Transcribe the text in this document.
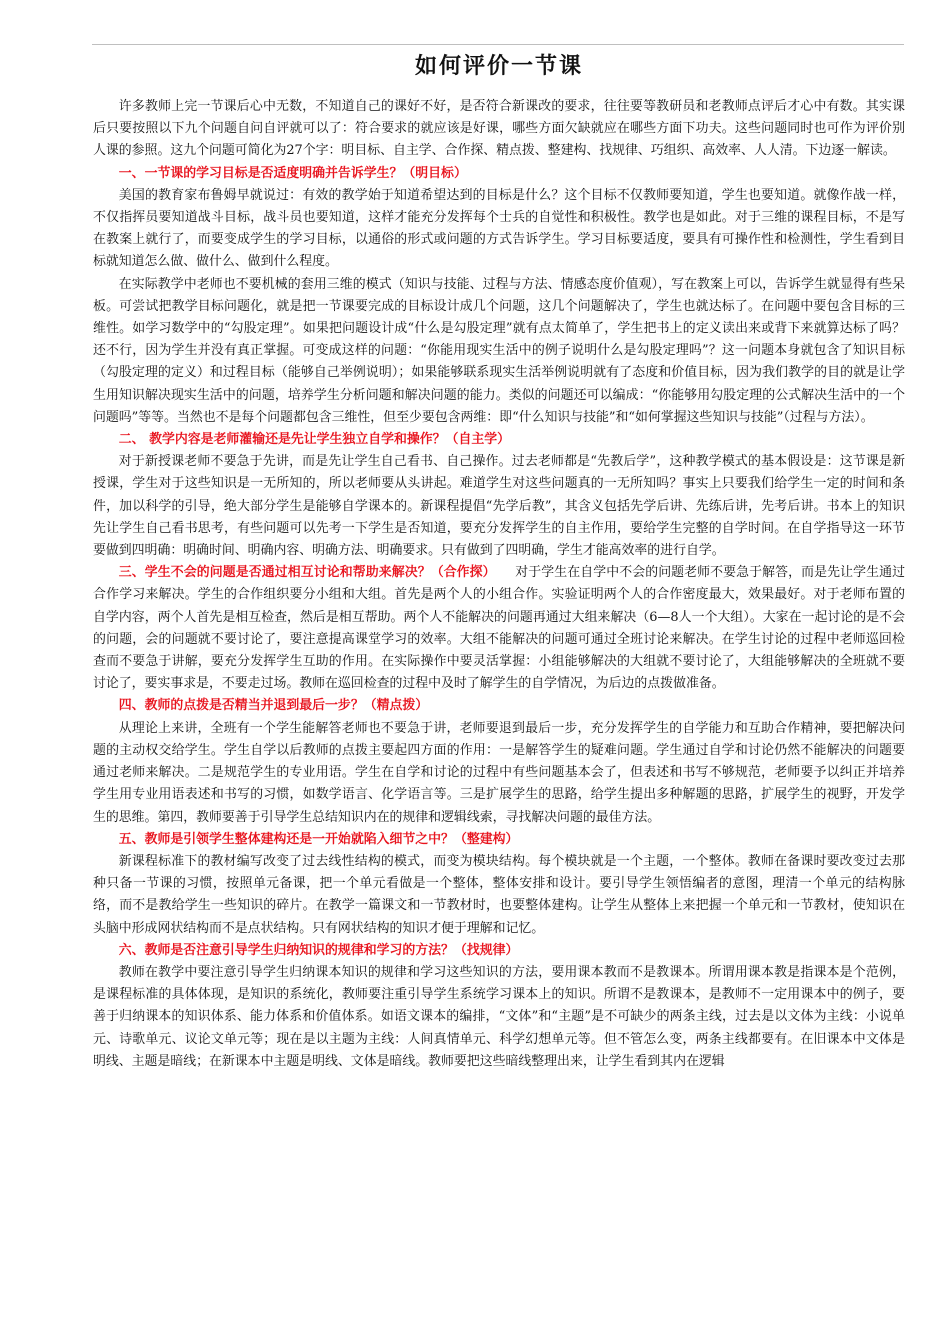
如何评价一节课

许多教师上完一节课后心中无数，不知道自己的课好不好，是否符合新课改的要求，往往要等教研员和老教师点评后才心中有数。其实课后只要按照以下九个问题自问自评就可以了：符合要求的就应该是好课，哪些方面欠缺就应在哪些方面下功夫。这些问题同时也可作为评价别人课的参照。这九个问题可简化为27个字：明目标、自主学、合作探、精点拨、整建构、找规律、巧组织、高效率、人人清。下边逐一解读。

一、一节课的学习目标是否适度明确并告诉学生？（明目标）

美国的教育家布鲁姆早就说过：有效的教学始于知道希望达到的目标是什么？这个目标不仅教师要知道，学生也要知道。就像作战一样，不仅指挥员要知道战斗目标，战斗员也要知道，这样才能充分发挥每个士兵的自觉性和积极性。教学也是如此。对于三维的课程目标，不是写在教案上就行了，而要变成学生的学习目标，以通俗的形式或问题的方式告诉学生。学习目标要适度，要具有可操作性和检测性，学生看到目标就知道怎么做、做什么、做到什么程度。

在实际教学中老师也不要机械的套用三维的模式（知识与技能、过程与方法、情感态度价值观），写在教案上可以，告诉学生就显得有些呆板。可尝试把教学目标问题化，就是把一节课要完成的目标设计成几个问题，这几个问题解决了，学生也就达标了。在问题中要包含目标的三维性。如学习数学中的“勾股定理”。如果把问题设计成“什么是勾股定理”就有点太简单了，学生把书上的定义读出来或背下来就算达标了吗？还不行，因为学生并没有真正掌握。可变成这样的问题：“你能用现实生活中的例子说明什么是勾股定理吗”？这一问题本身就包含了知识目标（勾股定理的定义）和过程目标（能够自己举例说明）；如果能够联系现实生活举例说明就有了态度和价值目标，因为我们教学的目的就是让学生用知识解决现实生活中的问题，培养学生分析问题和解决问题的能力。类似的问题还可以编成：“你能够用勾股定理的公式解决生活中的一个问题吗”等等。当然也不是每个问题都包含三维性，但至少要包含两维：即“什么知识与技能”和“如何掌握这些知识与技能”（过程与方法）。

二、 教学内容是老师灌输还是先让学生独立自学和操作？（自主学）

对于新授课老师不要急于先讲，而是先让学生自己看书、自己操作。过去老师都是“先教后学”，这种教学模式的基本假设是：这节课是新授课，学生对于这些知识是一无所知的，所以老师要从头讲起。难道学生对这些问题真的一无所知吗？事实上只要我们给学生一定的时间和条件，加以科学的引导，绝大部分学生是能够自学课本的。新课程提倡“先学后教”，其含义包括先学后讲、先练后讲，先考后讲。书本上的知识先让学生自己看书思考，有些问题可以先考一下学生是否知道，要充分发挥学生的自主作用，要给学生完整的自学时间。在自学指导这一环节要做到四明确：明确时间、明确内容、明确方法、明确要求。只有做到了四明确，学生才能高效率的进行自学。

三、学生不会的问题是否通过相互讨论和帮助来解决？（合作探）　　 对于学生在自学中不会的问题老师不要急于解答，而是先让学生通过合作学习来解决。学生的合作组织要分小组和大组。首先是两个人的小组合作。实验证明两个人的合作密度最大，效果最好。对于老师布置的自学内容，两个人首先是相互检查，然后是相互帮助。两个人不能解决的问题再通过大组来解决（6—8人一个大组）。大家在一起讨论的是不会的问题，会的问题就不要讨论了，要注意提高课堂学习的效率。大组不能解决的问题可通过全班讨论来解决。在学生讨论的过程中老师巡回检查而不要急于讲解，要充分发挥学生互助的作用。在实际操作中要灵活掌握：小组能够解决的大组就不要讨论了，大组能够解决的全班就不要讨论了，要实事求是，不要走过场。教师在巡回检查的过程中及时了解学生的自学情况，为后边的点拨做准备。

四、教师的点拨是否精当并退到最后一步？（精点拨）

从理论上来讲，全班有一个学生能解答老师也不要急于讲，老师要退到最后一步，充分发挥学生的自学能力和互助合作精神，要把解决问题的主动权交给学生。学生自学以后教师的点拨主要起四方面的作用：一是解答学生的疑难问题。学生通过自学和讨论仍然不能解决的问题要通过老师来解决。二是规范学生的专业用语。学生在自学和讨论的过程中有些问题基本会了，但表述和书写不够规范，老师要予以纠正并培养学生用专业用语表述和书写的习惯，如数学语言、化学语言等。三是扩展学生的思路，给学生提出多种解题的思路，扩展学生的视野，开发学生的思维。第四，教师要善于引导学生总结知识内在的规律和逻辑线索，寻找解决问题的最佳方法。

五、教师是引领学生整体建构还是一开始就陷入细节之中？（整建构）

新课程标准下的教材编写改变了过去线性结构的模式，而变为模块结构。每个模块就是一个主题，一个整体。教师在备课时要改变过去那种只备一节课的习惯，按照单元备课，把一个单元看做是一个整体，整体安排和设计。要引导学生领悟编者的意图，理清一个单元的结构脉络，而不是教给学生一些知识的碎片。在教学一篇课文和一节教材时，也要整体建构。让学生从整体上来把握一个单元和一节教材，使知识在头脑中形成网状结构而不是点状结构。只有网状结构的知识才便于理解和记忆。

六、教师是否注意引导学生归纳知识的规律和学习的方法？（找规律）

教师在教学中要注意引导学生归纳课本知识的规律和学习这些知识的方法，要用课本教而不是教课本。所谓用课本教是指课本是个范例，是课程标准的具体体现，是知识的系统化，教师要注重引导学生系统学习课本上的知识。所谓不是教课本，是教师不一定用课本中的例子，要善于归纳课本的知识体系、能力体系和价值体系。如语文课本的编排，“文体”和“主题”是不可缺少的两条主线，过去是以文体为主线：小说单元、诗歌单元、议论文单元等；现在是以主题为主线：人间真情单元、科学幻想单元等。但不管怎么变，两条主线都要有。在旧课本中文体是明线、主题是暗线；在新课本中主题是明线、文体是暗线。教师要把这些暗线整理出来，让学生看到其内在逻辑
